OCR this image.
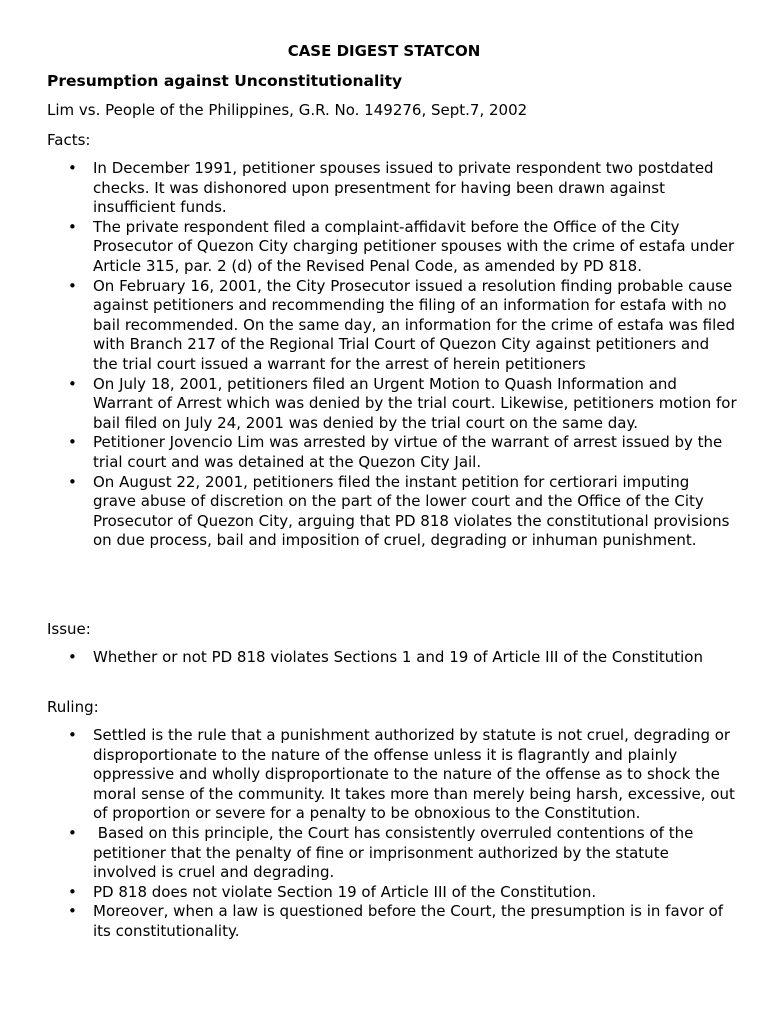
CASE DIGEST STATCON
Presumption against Unconstitutionality
Lim vs. People of the Philippines, G.R. No. 149276, Sept.7, 2002
Facts:
• In December 1991, petitioner spouses issued to private respondent two postdated checks. It was dishonored upon presentment for having been drawn against insufficient funds.
• The private respondent filed a complaint-affidavit before the Office of the City Prosecutor of Quezon City charging petitioner spouses with the crime of estafa under Article 315, par. 2 (d) of the Revised Penal Code, as amended by PD 818.
• On February 16, 2001, the City Prosecutor issued a resolution finding probable cause against petitioners and recommending the filing of an information for estafa with no bail recommended. On the same day, an information for the crime of estafa was filed with Branch 217 of the Regional Trial Court of Quezon City against petitioners and the trial court issued a warrant for the arrest of herein petitioners
• On July 18, 2001, petitioners filed an Urgent Motion to Quash Information and Warrant of Arrest which was denied by the trial court. Likewise, petitioners motion for bail filed on July 24, 2001 was denied by the trial court on the same day.
• Petitioner Jovencio Lim was arrested by virtue of the warrant of arrest issued by the trial court and was detained at the Quezon City Jail.
• On August 22, 2001, petitioners filed the instant petition for certiorari imputing grave abuse of discretion on the part of the lower court and the Office of the City Prosecutor of Quezon City, arguing that PD 818 violates the constitutional provisions on due process, bail and imposition of cruel, degrading or inhuman punishment.
Issue:
• Whether or not PD 818 violates Sections 1 and 19 of Article III of the Constitution
Ruling:
• Settled is the rule that a punishment authorized by statute is not cruel, degrading or disproportionate to the nature of the offense unless it is flagrantly and plainly oppressive and wholly disproportionate to the nature of the offense as to shock the moral sense of the community. It takes more than merely being harsh, excessive, out of proportion or severe for a penalty to be obnoxious to the Constitution.
•  Based on this principle, the Court has consistently overruled contentions of the petitioner that the penalty of fine or imprisonment authorized by the statute involved is cruel and degrading.
• PD 818 does not violate Section 19 of Article III of the Constitution.
• Moreover, when a law is questioned before the Court, the presumption is in favor of its constitutionality.
